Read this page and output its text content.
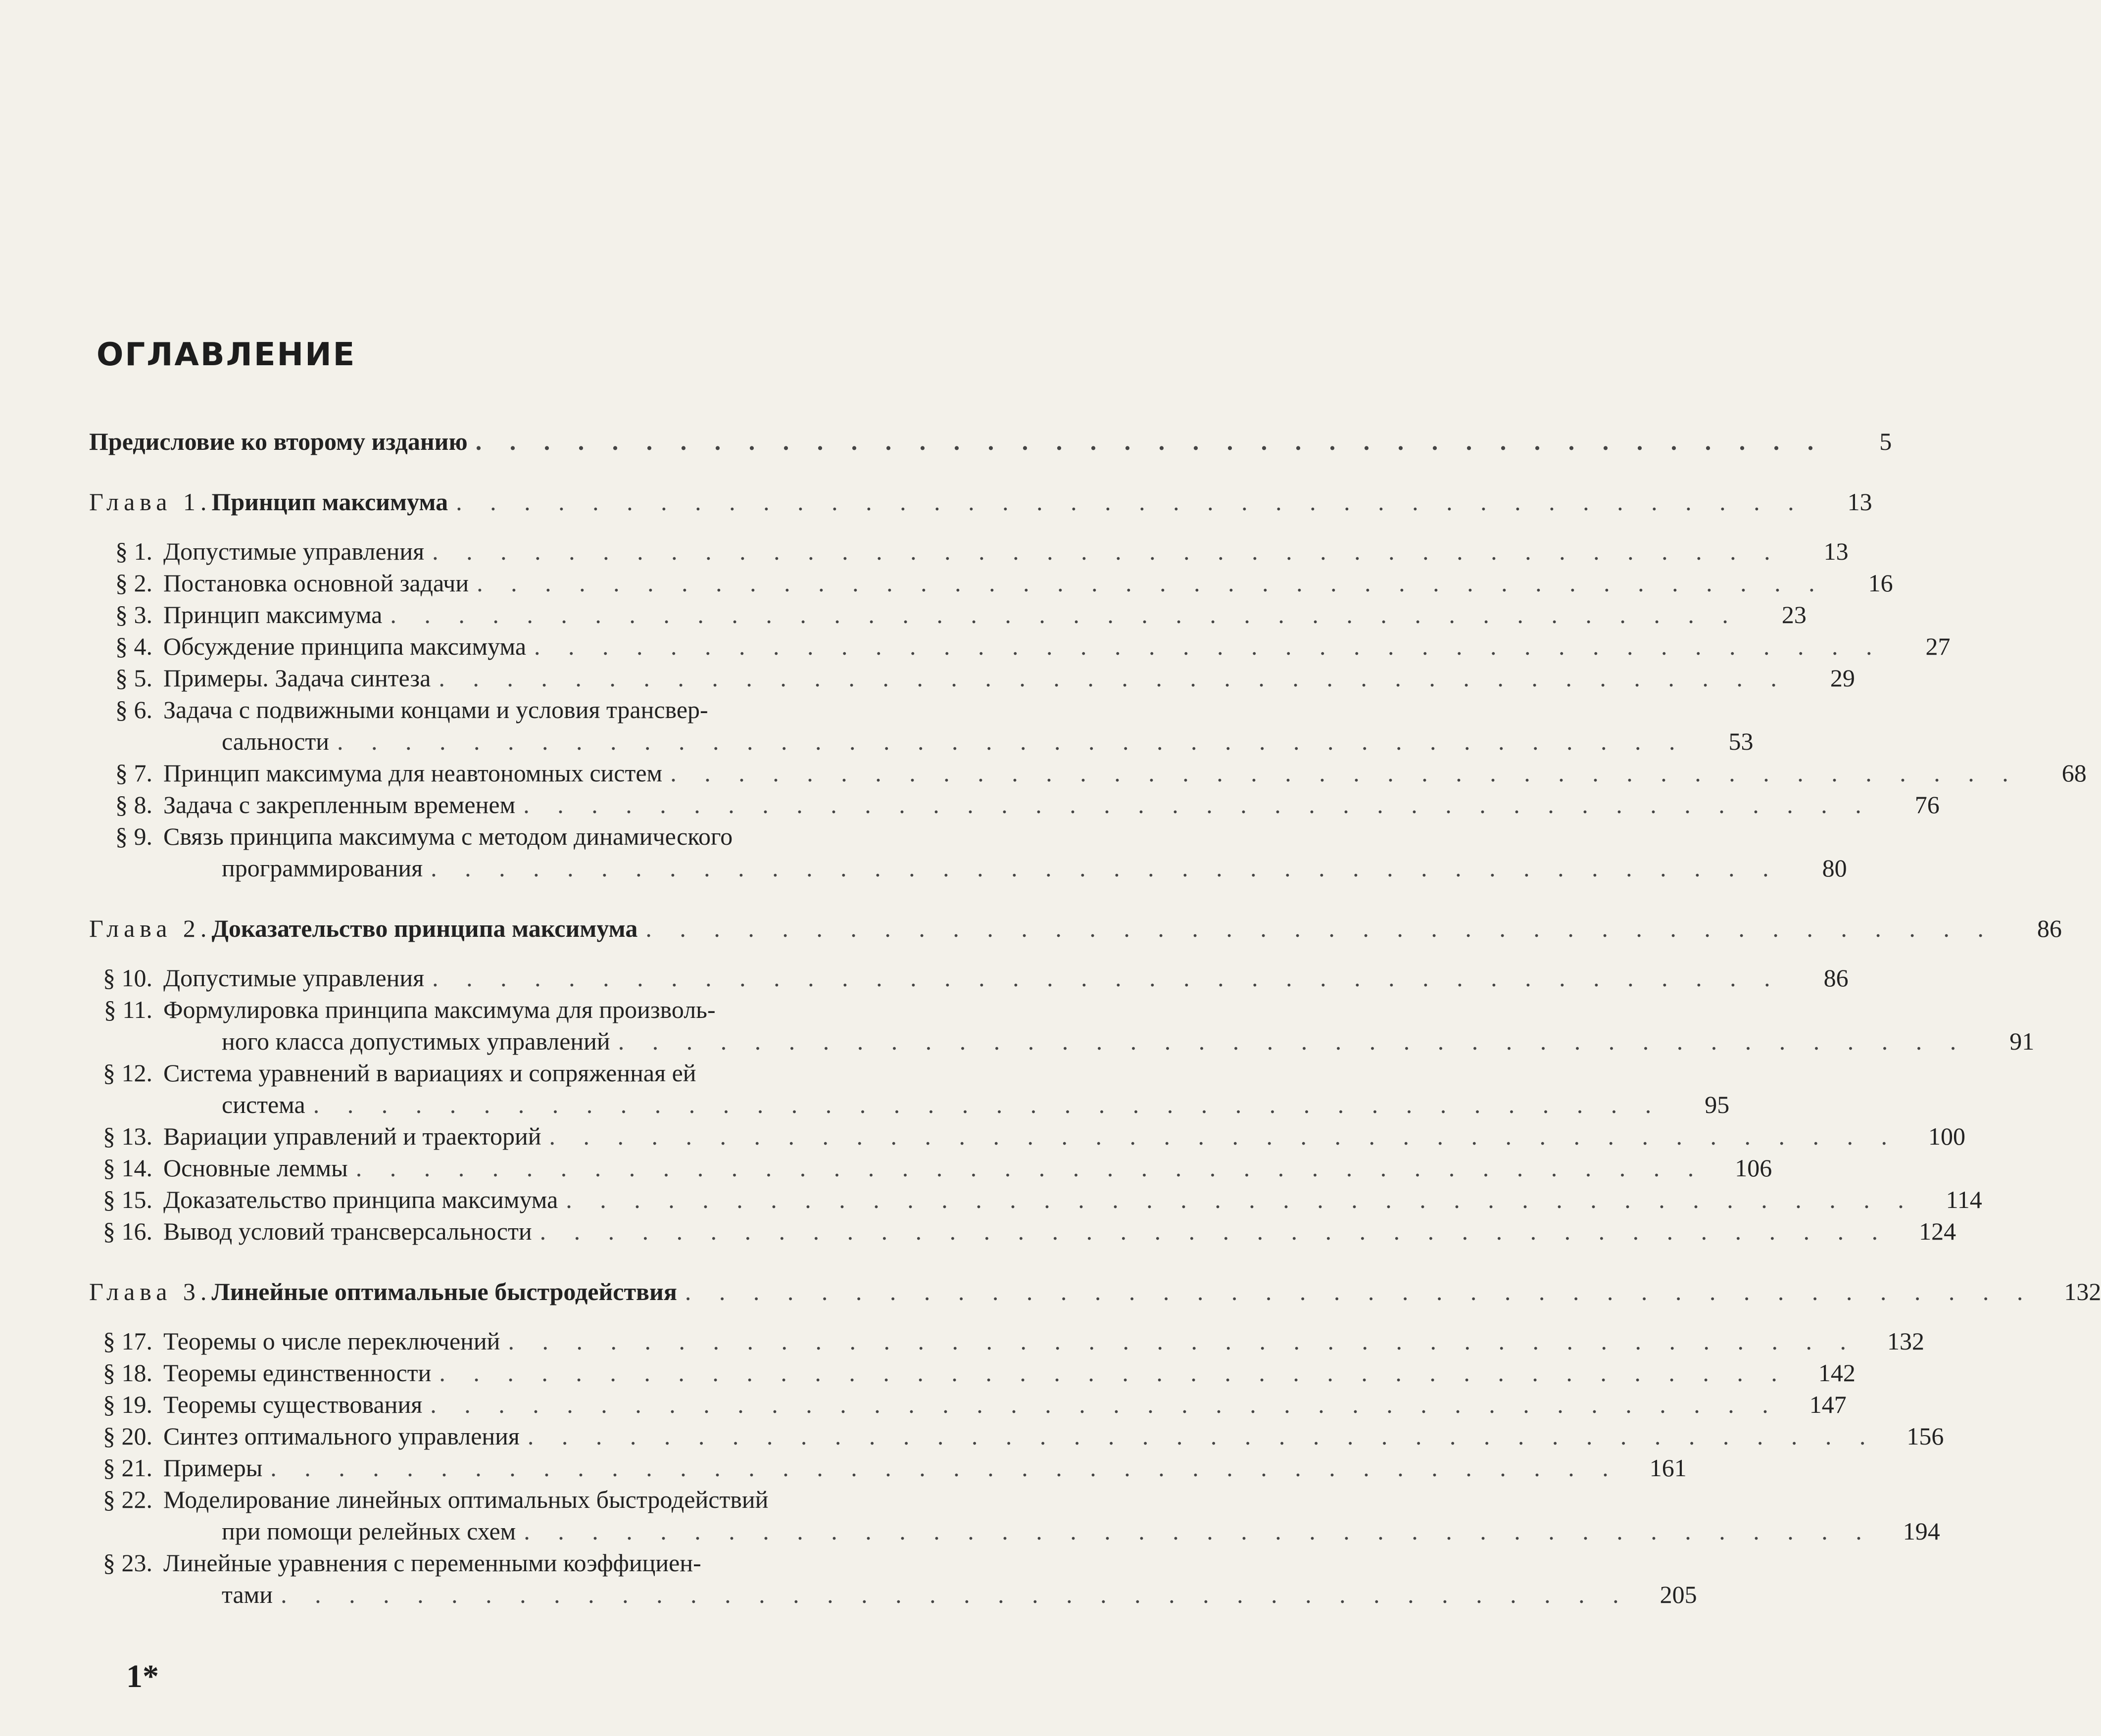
ОГЛАВЛЕНИЕ
Предисловие ко второму изданию . . . . . . . . . . . . . . . . . . . . . . . . . . . . . . . . . . . . . . . .	5
Глава 1. Принцип максимума . . . . . . . . . . . . . . . . . . . . . . . . . . . . . . . . . . . . . . . .	13
§ 1. Допустимые управления . . . . . . . . . . . . . . . . . . . . . . . . . . . . . . . . . . . . . . . .	13
§ 2. Постановка основной задачи . . . . . . . . . . . . . . . . . . . . . . . . . . . . . . . . . . . . . . . .	16
§ 3. Принцип максимума . . . . . . . . . . . . . . . . . . . . . . . . . . . . . . . . . . . . . . . .	23
§ 4. Обсуждение принципа максимума . . . . . . . . . . . . . . . . . . . . . . . . . . . . . . . . . . . . . . . .	27
§ 5. Примеры. Задача синтеза . . . . . . . . . . . . . . . . . . . . . . . . . . . . . . . . . . . . . . . .	29
§ 6. Задача с подвижными концами и условия трансвер-
сальности . . . . . . . . . . . . . . . . . . . . . . . . . . . . . . . . . . . . . . . .	53
§ 7. Принцип максимума для неавтономных систем . . . . . . . . . . . . . . . . . . . . . . . . . . . . . . . . . . . . . . . .	68
§ 8. Задача с закрепленным временем . . . . . . . . . . . . . . . . . . . . . . . . . . . . . . . . . . . . . . . .	76
§ 9. Связь принципа максимума с методом динамического
программирования . . . . . . . . . . . . . . . . . . . . . . . . . . . . . . . . . . . . . . . .	80
Глава 2. Доказательство принципа максимума . . . . . . . . . . . . . . . . . . . . . . . . . . . . . . . . . . . . . . . .	86
§ 10. Допустимые управления . . . . . . . . . . . . . . . . . . . . . . . . . . . . . . . . . . . . . . . .	86
§ 11. Формулировка принципа максимума для произволь-
ного класса допустимых управлений . . . . . . . . . . . . . . . . . . . . . . . . . . . . . . . . . . . . . . . .	91
§ 12. Система уравнений в вариациях и сопряженная ей
система . . . . . . . . . . . . . . . . . . . . . . . . . . . . . . . . . . . . . . . .	95
§ 13. Вариации управлений и траекторий . . . . . . . . . . . . . . . . . . . . . . . . . . . . . . . . . . . . . . . .	100
§ 14. Основные леммы . . . . . . . . . . . . . . . . . . . . . . . . . . . . . . . . . . . . . . . .	106
§ 15. Доказательство принципа максимума . . . . . . . . . . . . . . . . . . . . . . . . . . . . . . . . . . . . . . . .	114
§ 16. Вывод условий трансверсальности . . . . . . . . . . . . . . . . . . . . . . . . . . . . . . . . . . . . . . . .	124
Глава 3. Линейные оптимальные быстродействия . . . . . . . . . . . . . . . . . . . . . . . . . . . . . . . . . . . . . . . .	132
§ 17. Теоремы о числе переключений . . . . . . . . . . . . . . . . . . . . . . . . . . . . . . . . . . . . . . . .	132
§ 18. Теоремы единственности . . . . . . . . . . . . . . . . . . . . . . . . . . . . . . . . . . . . . . . .	142
§ 19. Теоремы существования . . . . . . . . . . . . . . . . . . . . . . . . . . . . . . . . . . . . . . . .	147
§ 20. Синтез оптимального управления . . . . . . . . . . . . . . . . . . . . . . . . . . . . . . . . . . . . . . . .	156
§ 21. Примеры . . . . . . . . . . . . . . . . . . . . . . . . . . . . . . . . . . . . . . . .	161
§ 22. Моделирование линейных оптимальных быстродействий
при помощи релейных схем . . . . . . . . . . . . . . . . . . . . . . . . . . . . . . . . . . . . . . . .	194
§ 23. Линейные уравнения с переменными коэффициен-
тами . . . . . . . . . . . . . . . . . . . . . . . . . . . . . . . . . . . . . . . .	205
1*
